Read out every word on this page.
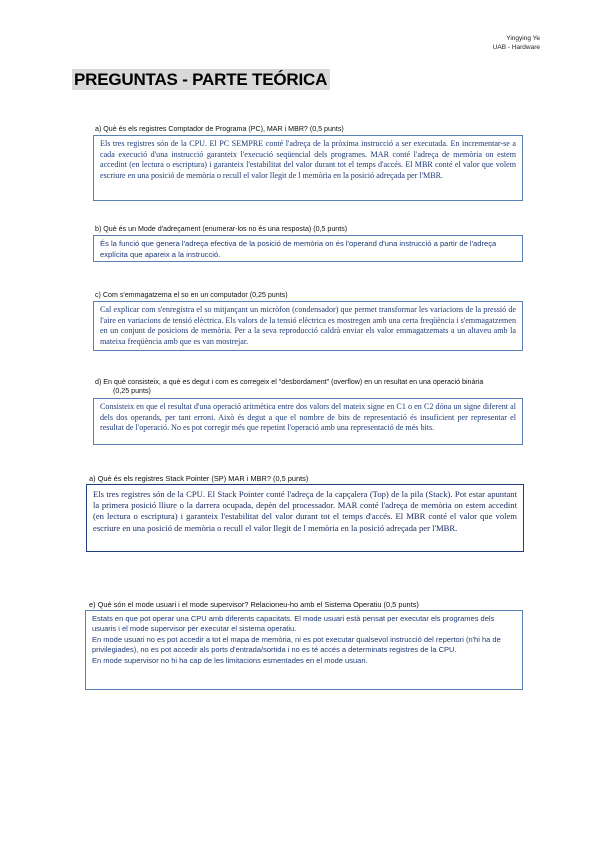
Yingying Ye
UAB - Hardware
PREGUNTAS - PARTE TEÓRICA
a) Què és els registres Comptador de Programa (PC), MAR i MBR? (0,5 punts)

Els tres registres són de la CPU. El PC SEMPRE conté l'adreça de la pròxima instrucció a ser executada. En incrementar-se a cada execució d'una instrucció garanteix l'execució seqüencial dels programes. MAR conté l'adreça de memòria on estem accedint (en lectura o escriptura) i garanteix l'estabilitat del valor durant tot el temps d'accés. El MBR conté el valor que volem escriure en una posició de memòria o recull el valor llegit de l memòria en la posició adreçada per l'MBR.

b) Què és un Mode d'adreçament (enumerar-los no és una resposta) (0,5 punts)

És la funció que genera l'adreça efectiva de la posició de memòria on és l'operand d'una instrucció a partir de l'adreça explícita que apareix a la instrucció.

c) Com s'emmagatzema el so en un computador (0,25 punts)

Cal explicar com s'enregistra el so mitjançant un micròfon (condensador) que permet transformar les variacions de la pressió de l'aire en variacions de tensió elèctrica. Els valors de la tensió elèctrica es mostregen amb una certa freqüència i s'emmagatzemen en un conjunt de posicions de memòria. Per a la seva reproducció caldrà enviar els valor emmagatzemats a un altaveu amb la mateixa freqüència amb que es van mostrejar.

d) En què consisteix, a què es degut i com es corregeix el "desbordament" (overflow) en un resultat en una operació binària
(0,25 punts)

Consisteix en que el resultat d'una operació aritmètica entre dos valors del mateix signe en C1 o en C2 dóna un signe diferent al dels dos operands, per tant erroni. Això és degut a que el nombre de bits de representació és insuficient per representar el resultat de l'operació. No es pot corregir més que repetint l'operació amb una representació de més bits.

a) Què és els registres Stack Pointer (SP) MAR i MBR? (0,5 punts)

Els tres registres són de la CPU. El Stack Pointer conté l'adreça de la capçalera (Top) de la pila (Stack). Pot estar apuntant la primera posició lliure o la darrera ocupada, depèn del processador. MAR conté l'adreça de memòria on estem accedint (en lectura o escriptura) i garanteix l'estabilitat del valor durant tot el temps d'accés. El MBR conté el valor que volem escriure en una posició de memòria o recull el valor llegit de l memòria en la posició adreçada per l'MBR.

e) Què són el mode usuari i el mode supervisor? Relacioneu-ho amb el Sistema Operatiu (0,5 punts)

Estats en que pot operar una CPU amb diferents capacitats. El mode usuari està pensat per executar els programes dels usuaris i el mode supervisor per executar el sistema operatiu.

En mode usuari no es pot accedir a tot el mapa de memòria, ni es pot executar qualsevol instrucció del repertori (n'hi ha de privilegiades), no es pot accedir als ports d'entrada/sortida i no es té accés a determinats registres de la CPU.

En mode supervisor no hi ha cap de les limitacions esmentades en el mode usuari.
